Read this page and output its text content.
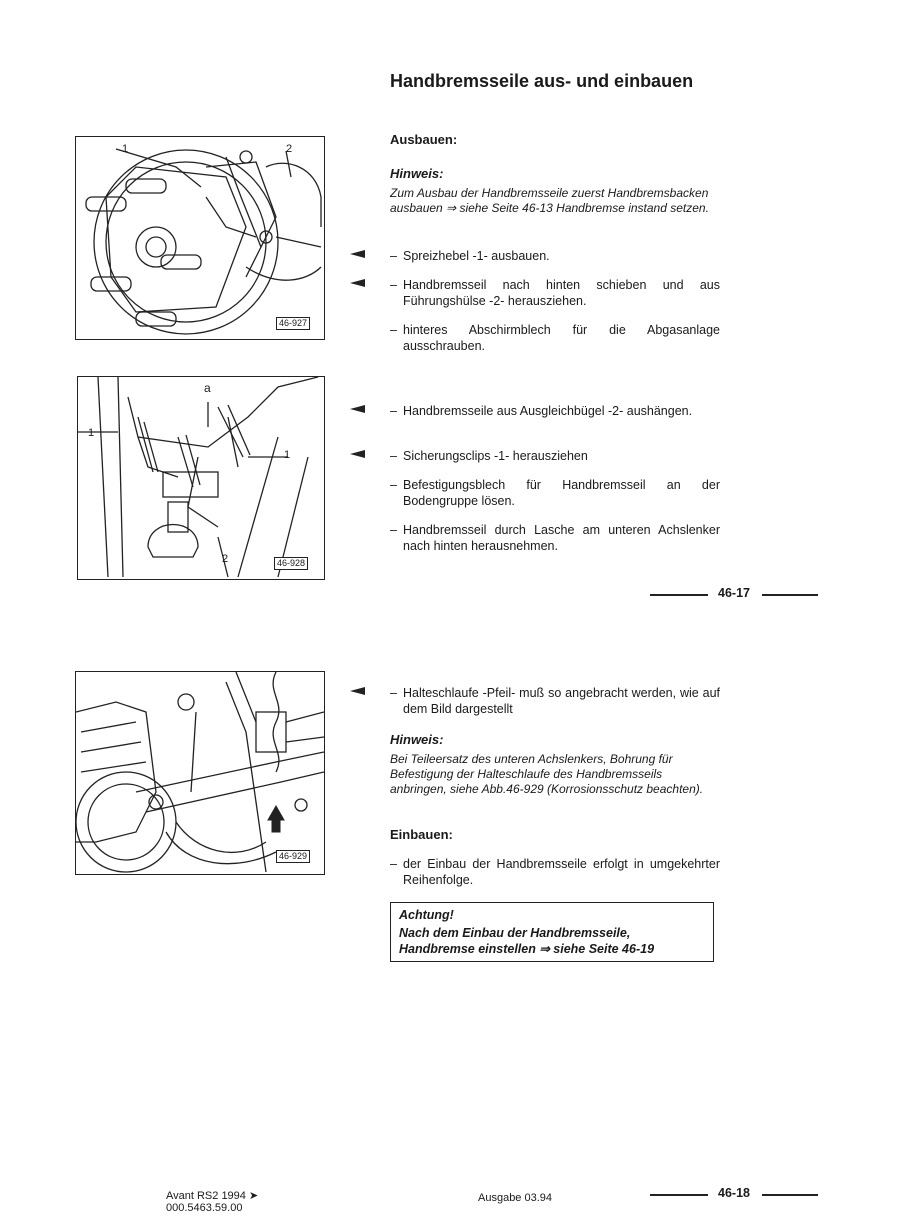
Handbremsseile aus- und einbauen
Ausbauen:
Hinweis:
Zum Ausbau der Handbremsseile zuerst Handbremsbacken ausbauen ⇒ siehe Seite 46-13 Handbremse instand setzen.
1	2
46-927
– Spreizhebel -1- ausbauen.
– Handbremsseil nach hinten schieben und aus Führungshülse -2- herausziehen.
– hinteres Abschirmblech für die Abgasanlage ausschrauben.
a
1
1
2	46-928
– Handbremsseile aus Ausgleichbügel -2- aushängen.
– Sicherungsclips -1- herausziehen
– Befestigungsblech für Handbremsseil an der Bodengruppe lösen.
– Handbremsseil durch Lasche am unteren Achslenker nach hinten herausnehmen.
46-17
46-929
– Halteschlaufe -Pfeil- muß so angebracht werden, wie auf dem Bild dargestellt
Hinweis:
Bei Teileersatz des unteren Achslenkers, Bohrung für Befestigung der Halteschlaufe des Handbremsseils anbringen, siehe Abb.46-929 (Korrosionsschutz beachten).
Einbauen:
– der Einbau der Handbremsseile erfolgt in umgekehrter Reihenfolge.
Achtung!
Nach dem Einbau der Handbremsseile, Handbremse einstellen ⇒ siehe Seite 46-19
Avant RS2 1994 ➤
000.5463.59.00
Ausgabe 03.94	46-18
